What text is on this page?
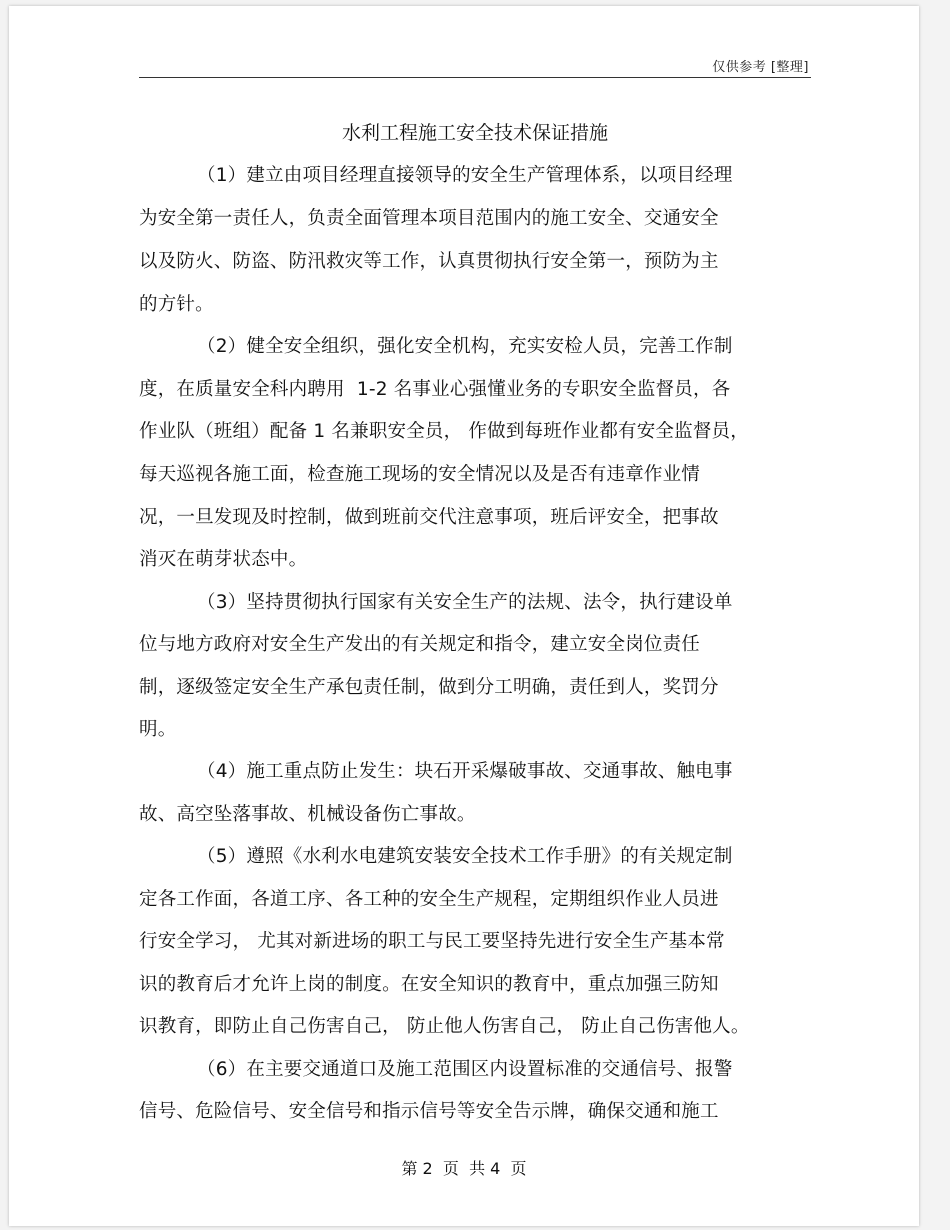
仅供参考 [整理]
水利工程施工安全技术保证措施
（1）建立由项目经理直接领导的安全生产管理体系，以项目经理
为安全第一责任人，负责全面管理本项目范围内的施工安全、交通安全
以及防火、防盗、防汛救灾等工作，认真贯彻执行安全第一，预防为主
的方针。
（2）健全安全组织，强化安全机构，充实安检人员，完善工作制
度，在质量安全科内聘用  1-2 名事业心强懂业务的专职安全监督员，各
作业队（班组）配备 1 名兼职安全员， 作做到每班作业都有安全监督员，
每天巡视各施工面，检查施工现场的安全情况以及是否有违章作业情
况，一旦发现及时控制，做到班前交代注意事项，班后评安全，把事故
消灭在萌芽状态中。
（3）坚持贯彻执行国家有关安全生产的法规、法令，执行建设单
位与地方政府对安全生产发出的有关规定和指令，建立安全岗位责任
制，逐级签定安全生产承包责任制，做到分工明确，责任到人，奖罚分
明。
（4）施工重点防止发生：块石开采爆破事故、交通事故、触电事
故、高空坠落事故、机械设备伤亡事故。
（5）遵照《水利水电建筑安装安全技术工作手册》的有关规定制
定各工作面，各道工序、各工种的安全生产规程，定期组织作业人员进
行安全学习， 尤其对新进场的职工与民工要坚持先进行安全生产基本常
识的教育后才允许上岗的制度。在安全知识的教育中，重点加强三防知
识教育，即防止自己伤害自己， 防止他人伤害自己， 防止自己伤害他人。
（6）在主要交通道口及施工范围区内设置标准的交通信号、报警
信号、危险信号、安全信号和指示信号等安全告示牌，确保交通和施工
第 2  页  共 4  页
